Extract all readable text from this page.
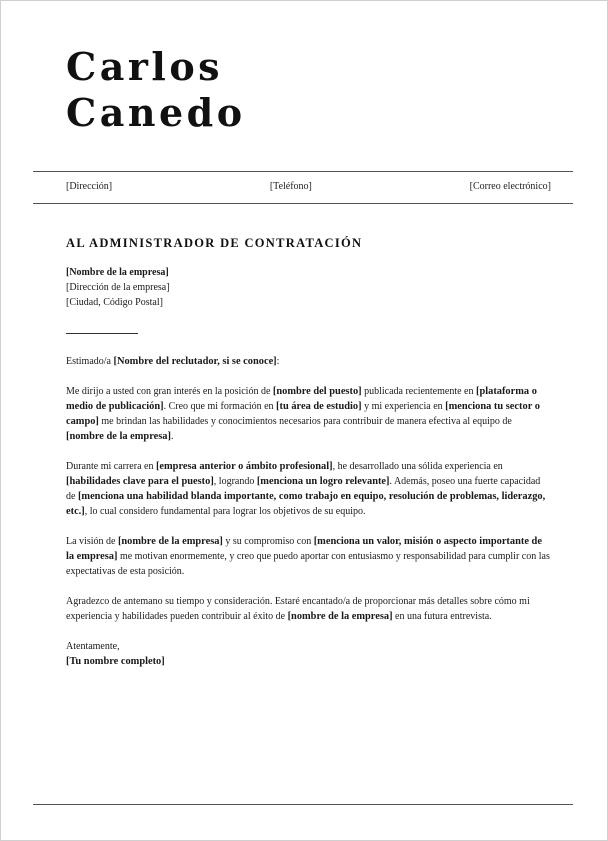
Carlos
Canedo
[Dirección]	[Teléfono]	[Correo electrónico]
AL ADMINISTRADOR DE CONTRATACIÓN
[Nombre de la empresa]
[Dirección de la empresa]
[Ciudad, Código Postal]

Estimado/a [Nombre del reclutador, si se conoce]:

Me dirijo a usted con gran interés en la posición de [nombre del puesto] publicada recientemente en [plataforma o medio de publicación]. Creo que mi formación en [tu área de estudio] y mi experiencia en [menciona tu sector o campo] me brindan las habilidades y conocimientos necesarios para contribuir de manera efectiva al equipo de [nombre de la empresa].

Durante mi carrera en [empresa anterior o ámbito profesional], he desarrollado una sólida experiencia en [habilidades clave para el puesto], logrando [menciona un logro relevante]. Además, poseo una fuerte capacidad de [menciona una habilidad blanda importante, como trabajo en equipo, resolución de problemas, liderazgo, etc.], lo cual considero fundamental para lograr los objetivos de su equipo.

La visión de [nombre de la empresa] y su compromiso con [menciona un valor, misión o aspecto importante de la empresa] me motivan enormemente, y creo que puedo aportar con entusiasmo y responsabilidad para cumplir con las expectativas de esta posición.

Agradezco de antemano su tiempo y consideración. Estaré encantado/a de proporcionar más detalles sobre cómo mi experiencia y habilidades pueden contribuir al éxito de [nombre de la empresa] en una futura entrevista.

Atentamente,
[Tu nombre completo]
